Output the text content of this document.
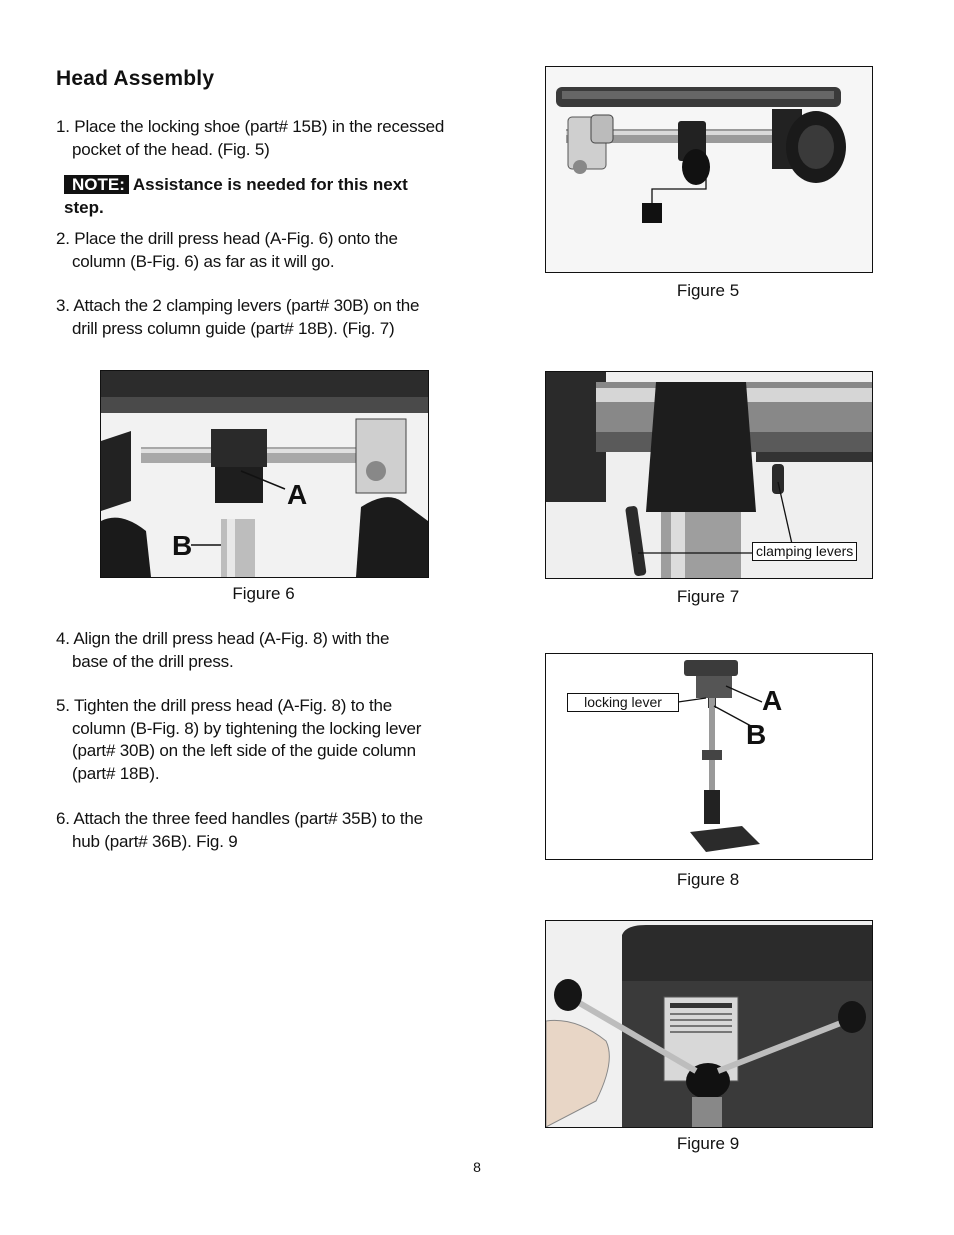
Head Assembly
1. Place the locking shoe (part# 15B) in the recessed
pocket of the head. (Fig. 5)
NOTE: Assistance is needed for this next
step.
2. Place the drill press head (A-Fig. 6) onto the
column (B-Fig. 6) as far as it will go.
3. Attach the 2 clamping levers (part# 30B) on the
drill press column guide (part# 18B). (Fig. 7)
4. Align the drill press head (A-Fig. 8) with the
base of the drill press.
5. Tighten the drill press head (A-Fig. 8) to the
column (B-Fig. 8) by tightening the locking lever
(part# 30B) on the left side of the guide column
(part# 18B).
6. Attach the three feed handles (part# 35B) to the
hub (part# 36B). Fig. 9
Figure 5
A
B
Figure 6
clamping levers
Figure 7
locking lever	A
B
Figure 8
Figure 9
8
